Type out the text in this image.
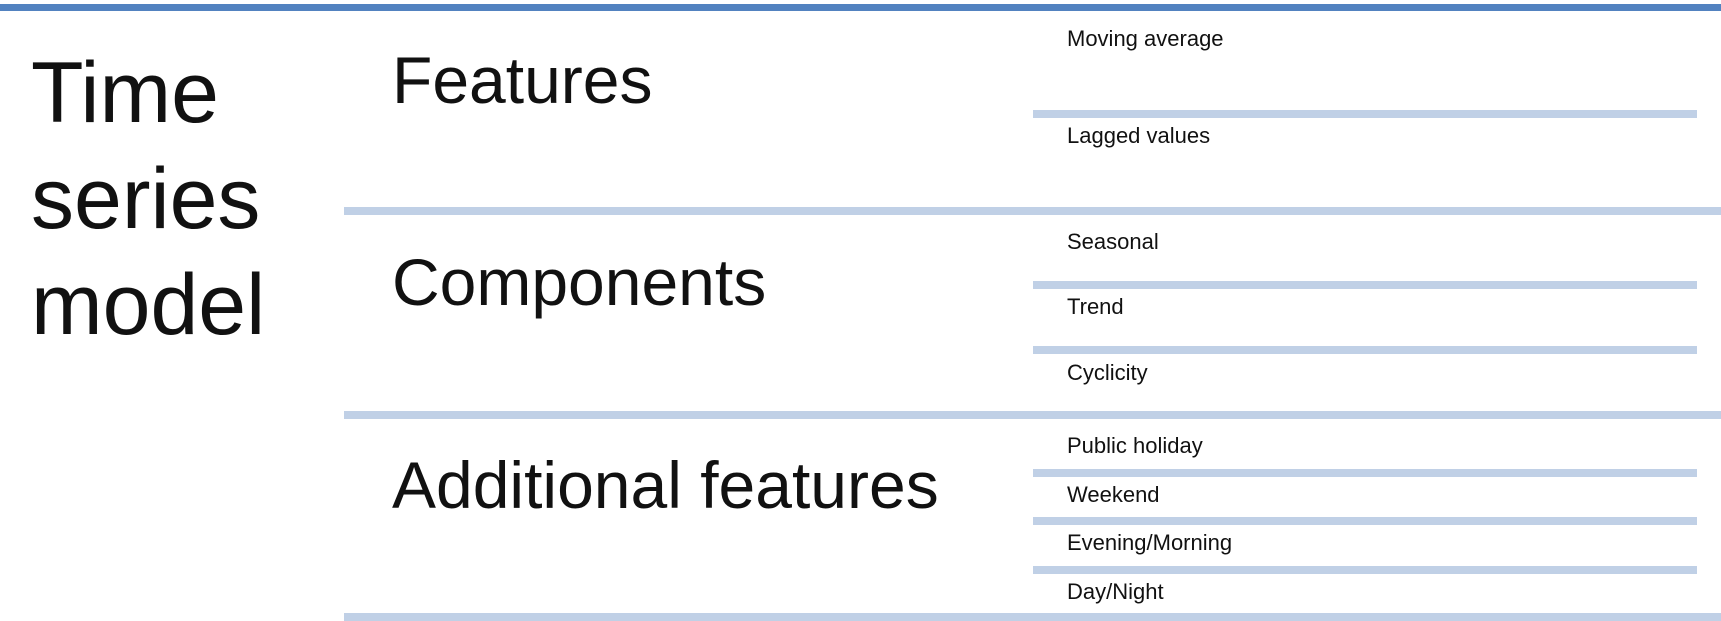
Time
series
model
Features
Moving average
Lagged values
Components
Seasonal
Trend
Cyclicity
Additional features
Public holiday
Weekend
Evening/Morning
Day/Night
